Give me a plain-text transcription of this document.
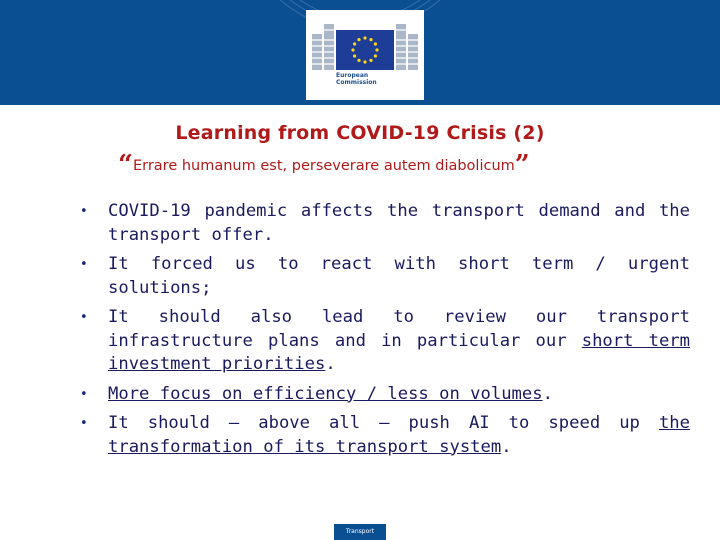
European
Commission
Learning from COVID-19 Crisis (2)
“Errare humanum est, perseverare autem diabolicum”
• COVID-19 pandemic affects the transport demand and the transport offer.
• It forced us to react with short term / urgent solutions;
• It should also lead to review our transport infrastructure plans and in particular our short term investment priorities.
• More focus on efficiency / less on volumes.
• It should – above all – push AI to speed up the transformation of its transport system.
Transport
